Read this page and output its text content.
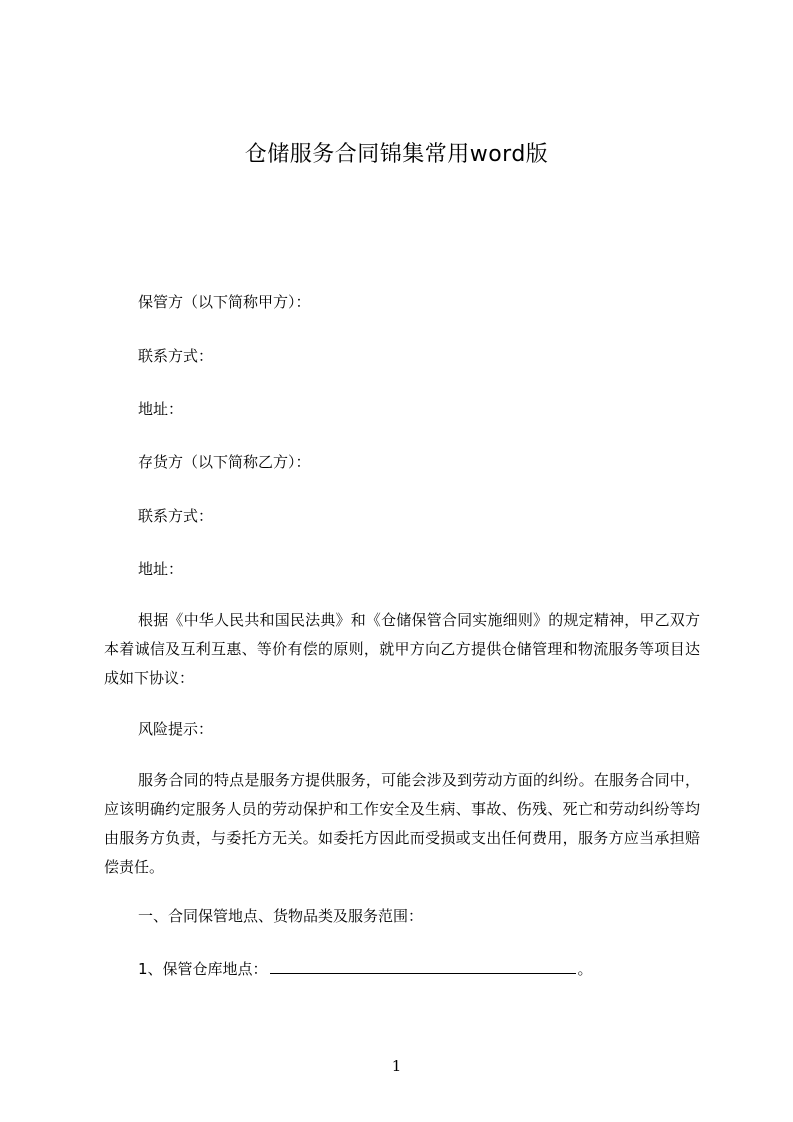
仓储服务合同锦集常用word版
保管方（以下简称甲方）：
联系方式：
地址：
存货方（以下简称乙方）：
联系方式：
地址：
根据《中华人民共和国民法典》和《仓储保管合同实施细则》的规定精神，甲乙双方本着诚信及互利互惠、等价有偿的原则，就甲方向乙方提供仓储管理和物流服务等项目达成如下协议：
风险提示：
服务合同的特点是服务方提供服务，可能会涉及到劳动方面的纠纷。在服务合同中，应该明确约定服务人员的劳动保护和工作安全及生病、事故、伤残、死亡和劳动纠纷等均由服务方负责，与委托方无关。如委托方因此而受损或支出任何费用，服务方应当承担赔偿责任。
一、合同保管地点、货物品类及服务范围：
1、保管仓库地点：	。
1
